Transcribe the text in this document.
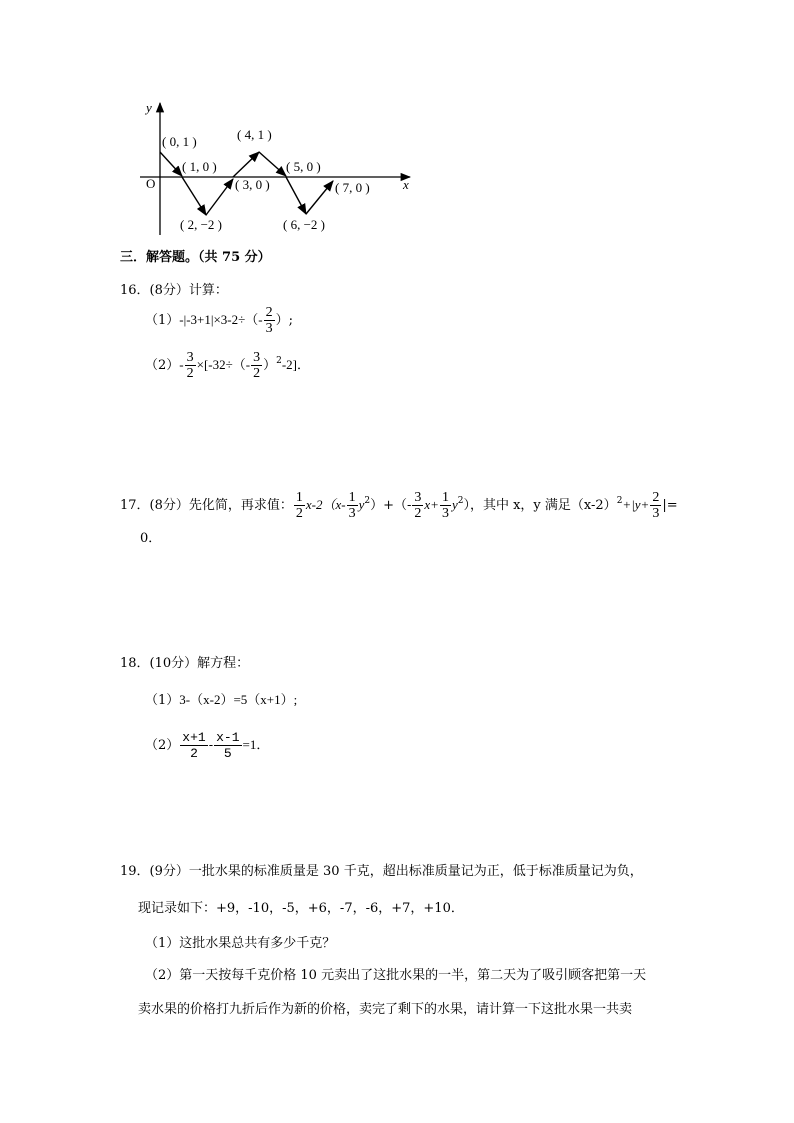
y
x
O
( 0, 1 )
( 1, 0 )
( 2, −2 )
( 3, 0 )
( 4, 1 )
( 5, 0 )
( 6, −2 )
( 7, 0 )
三．解答题。（共 75 分）
16．(8分）计算：
$(1)-|-3+1|\times 3-2\div(- \frac{2}{3}$ ）;
$(2)- \frac{3}{2} \times[-32\div(- \frac{3}{2} )^2-2]$．
17．(8分）先化简，再求值： $\frac{1}{2} x-2(x- \frac{1}{3} y^2)+(- \frac{3}{2} x+ \frac{1}{3} y^2)$，其中 x，y 满足$(x-2)^2+|y+ \frac{2}{3}$ |=
0．
18．(10分）解方程：
（1）3-（x-2）=5（x+1）;
$(2) \frac{x+1}{2} - \frac{x-1}{5} =1$．
19．(9分）一批水果的标准质量是 30 千克，超出标准质量记为正，低于标准质量记为负，
现记录如下：+9，-10，-5，+6，-7，-6，+7，+10．
（1）这批水果总共有多少千克？
（2）第一天按每千克价格 10 元卖出了这批水果的一半，第二天为了吸引顾客把第一天
卖水果的价格打九折后作为新的价格，卖完了剩下的水果，请计算一下这批水果一共卖
